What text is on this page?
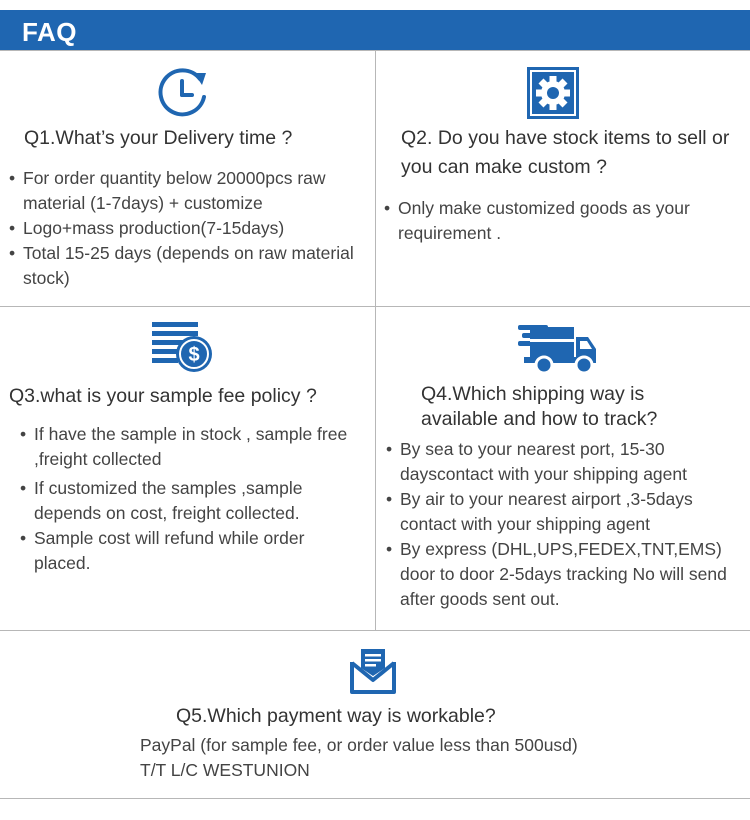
FAQ
Q1.What’s your Delivery time ?
• For order quantity below 20000pcs raw material (1-7days) + customize
• Logo+mass production(7-15days)
• Total 15-25 days (depends on raw material stock)
Q2. Do you have stock items to sell or you can make custom ?
• Only make customized goods as your requirement .
$
Q3.what is your sample fee policy ?
• If have the sample in stock , sample free ,freight collected
• If customized the samples ,sample depends on cost, freight collected.
• Sample cost will refund while order placed.
Q4.Which shipping way is available and how to track?
• By sea to your nearest port, 15-30 dayscontact with your shipping agent
• By air to your nearest airport ,3-5days contact with your shipping agent
• By express (DHL,UPS,FEDEX,TNT,EMS) door to door 2-5days tracking No will send after goods sent out.
Q5.Which payment way is workable?
PayPal (for sample fee, or order value less than 500usd)
T/T L/C WESTUNION
